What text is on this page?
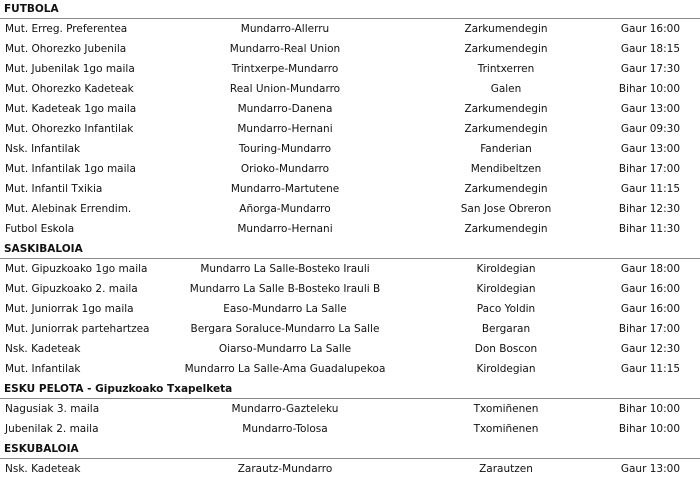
FUTBOLA
Mut. Erreg. Preferentea	Mundarro-Allerru	Zarkumendegin	Gaur 16:00
Mut. Ohorezko Jubenila	Mundarro-Real Union	Zarkumendegin	Gaur 18:15
Mut. Jubenilak 1go maila	Trintxerpe-Mundarro	Trintxerren	Gaur 17:30
Mut. Ohorezko Kadeteak	Real Union-Mundarro	Galen	Bihar 10:00
Mut. Kadeteak 1go maila	Mundarro-Danena	Zarkumendegin	Gaur 13:00
Mut. Ohorezko Infantilak	Mundarro-Hernani	Zarkumendegin	Gaur 09:30
Nsk. Infantilak	Touring-Mundarro	Fanderian	Gaur 13:00
Mut. Infantilak 1go maila	Orioko-Mundarro	Mendibeltzen	Bihar 17:00
Mut. Infantil Txikia	Mundarro-Martutene	Zarkumendegin	Gaur 11:15
Mut. Alebinak Errendim.	Añorga-Mundarro	San Jose Obreron	Bihar 12:30
Futbol Eskola	Mundarro-Hernani	Zarkumendegin	Bihar 11:30
SASKIBALOIA
Mut. Gipuzkoako 1go maila	Mundarro La Salle-Bosteko Irauli	Kiroldegian	Gaur 18:00
Mut. Gipuzkoako 2. maila	Mundarro La Salle B-Bosteko Irauli B	Kiroldegian	Gaur 16:00
Mut. Juniorrak 1go maila	Easo-Mundarro La Salle	Paco Yoldin	Gaur 16:00
Mut. Juniorrak partehartzea	Bergara Soraluce-Mundarro La Salle	Bergaran	Bihar 17:00
Nsk. Kadeteak	Oiarso-Mundarro La Salle	Don Boscon	Gaur 12:30
Mut. Infantilak	Mundarro La Salle-Ama Guadalupekoa	Kiroldegian	Gaur 11:15
ESKU PELOTA - Gipuzkoako Txapelketa
Nagusiak 3. maila	Mundarro-Gazteleku	Txomiñenen	Bihar 10:00
Jubenilak 2. maila	Mundarro-Tolosa	Txomiñenen	Bihar 10:00
ESKUBALOIA
Nsk. Kadeteak	Zarautz-Mundarro	Zarautzen	Gaur 13:00
